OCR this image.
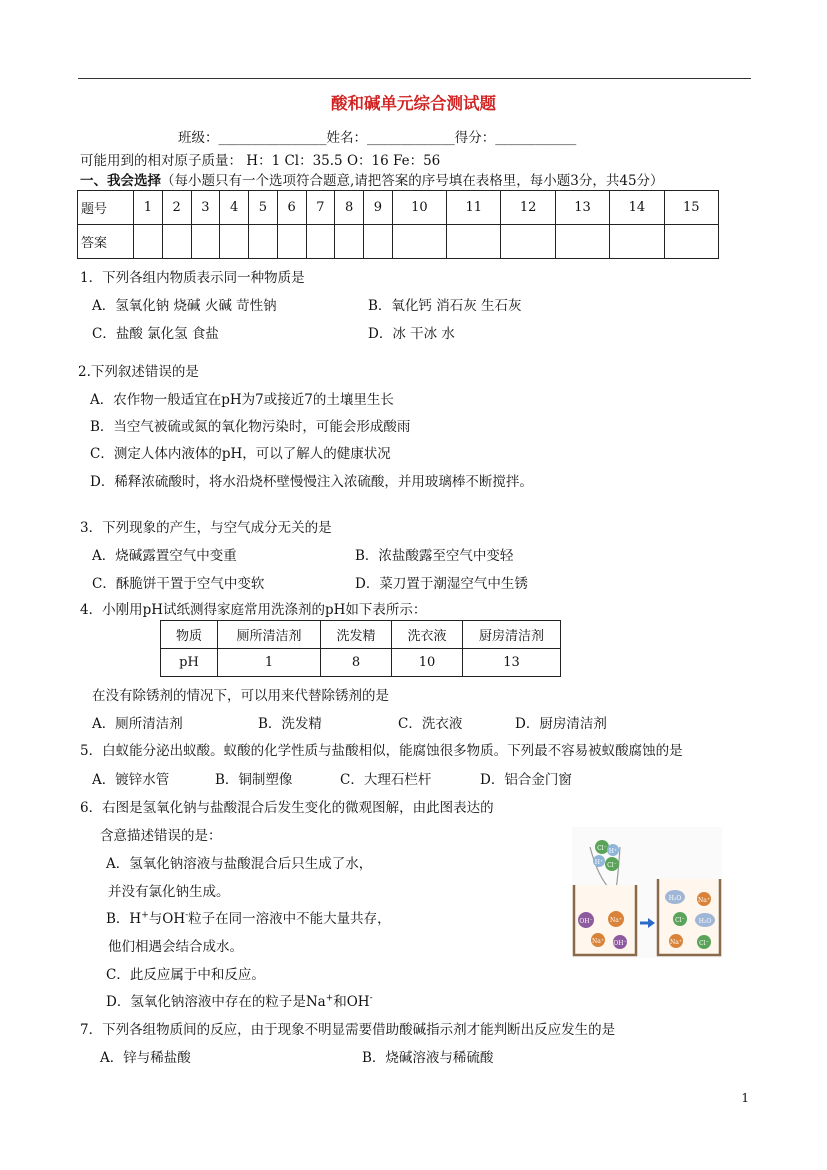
酸和碱单元综合测试题
班级：________________姓名：_____________得分：____________
可能用到的相对原子质量： H：1 Cl：35.5 O：16 Fe：56
一、我会选择（每小题只有一个选项符合题意,请把答案的序号填在表格里，每小题3分，共45分）
题号	1	2	3	4	5	6	7	8	9	10	11	12	13	14	15
答案															
1．下列各组内物质表示同一种物质是
A．氢氧化钠 烧碱 火碱 苛性钠	B．氧化钙 消石灰 生石灰
C．盐酸 氯化氢 食盐	D．冰 干冰 水
2.下列叙述错误的是
A．农作物一般适宜在pH为7或接近7的土壤里生长
B．当空气被硫或氮的氧化物污染时，可能会形成酸雨
C．测定人体内液体的pH，可以了解人的健康状况
D．稀释浓硫酸时，将水沿烧杯壁慢慢注入浓硫酸，并用玻璃棒不断搅拌。
3．下列现象的产生，与空气成分无关的是
A．烧碱露置空气中变重	B．浓盐酸露至空气中变轻
C．酥脆饼干置于空气中变软	D．菜刀置于潮湿空气中生锈
4．小刚用pH试纸测得家庭常用洗涤剂的pH如下表所示：
物质	厕所清洁剂	洗发精	洗衣液	厨房清洁剂
pH	1	8	10	13
在没有除锈剂的情况下，可以用来代替除锈剂的是
A．厕所清洁剂	B．洗发精	C．洗衣液	D．厨房清洁剂
5．白蚁能分泌出蚁酸。蚁酸的化学性质与盐酸相似，能腐蚀很多物质。下列最不容易被蚁酸腐蚀的是
A．镀锌水管	B．铜制塑像	C．大理石栏杆	D．铝合金门窗
6．右图是氢氧化钠与盐酸混合后发生变化的微观图解，由此图表达的
含意描述错误的是：
A．氢氧化钠溶液与盐酸混合后只生成了水，
并没有氯化钠生成。
B．H+与OH-粒子在同一溶液中不能大量共存，
他们相遇会结合成水。
C．此反应属于中和反应。
D．氢氧化钠溶液中存在的粒子是Na+和OH-
Cl⁻ H⁺
H⁺ Cl⁻
OH⁻	Na⁺
Na⁺ OH⁻
H₂O	Na⁺
Cl⁻ H₂O
Na⁺	Cl⁻
7．下列各组物质间的反应，由于现象不明显需要借助酸碱指示剂才能判断出反应发生的是
A．锌与稀盐酸	B．烧碱溶液与稀硫酸
1
